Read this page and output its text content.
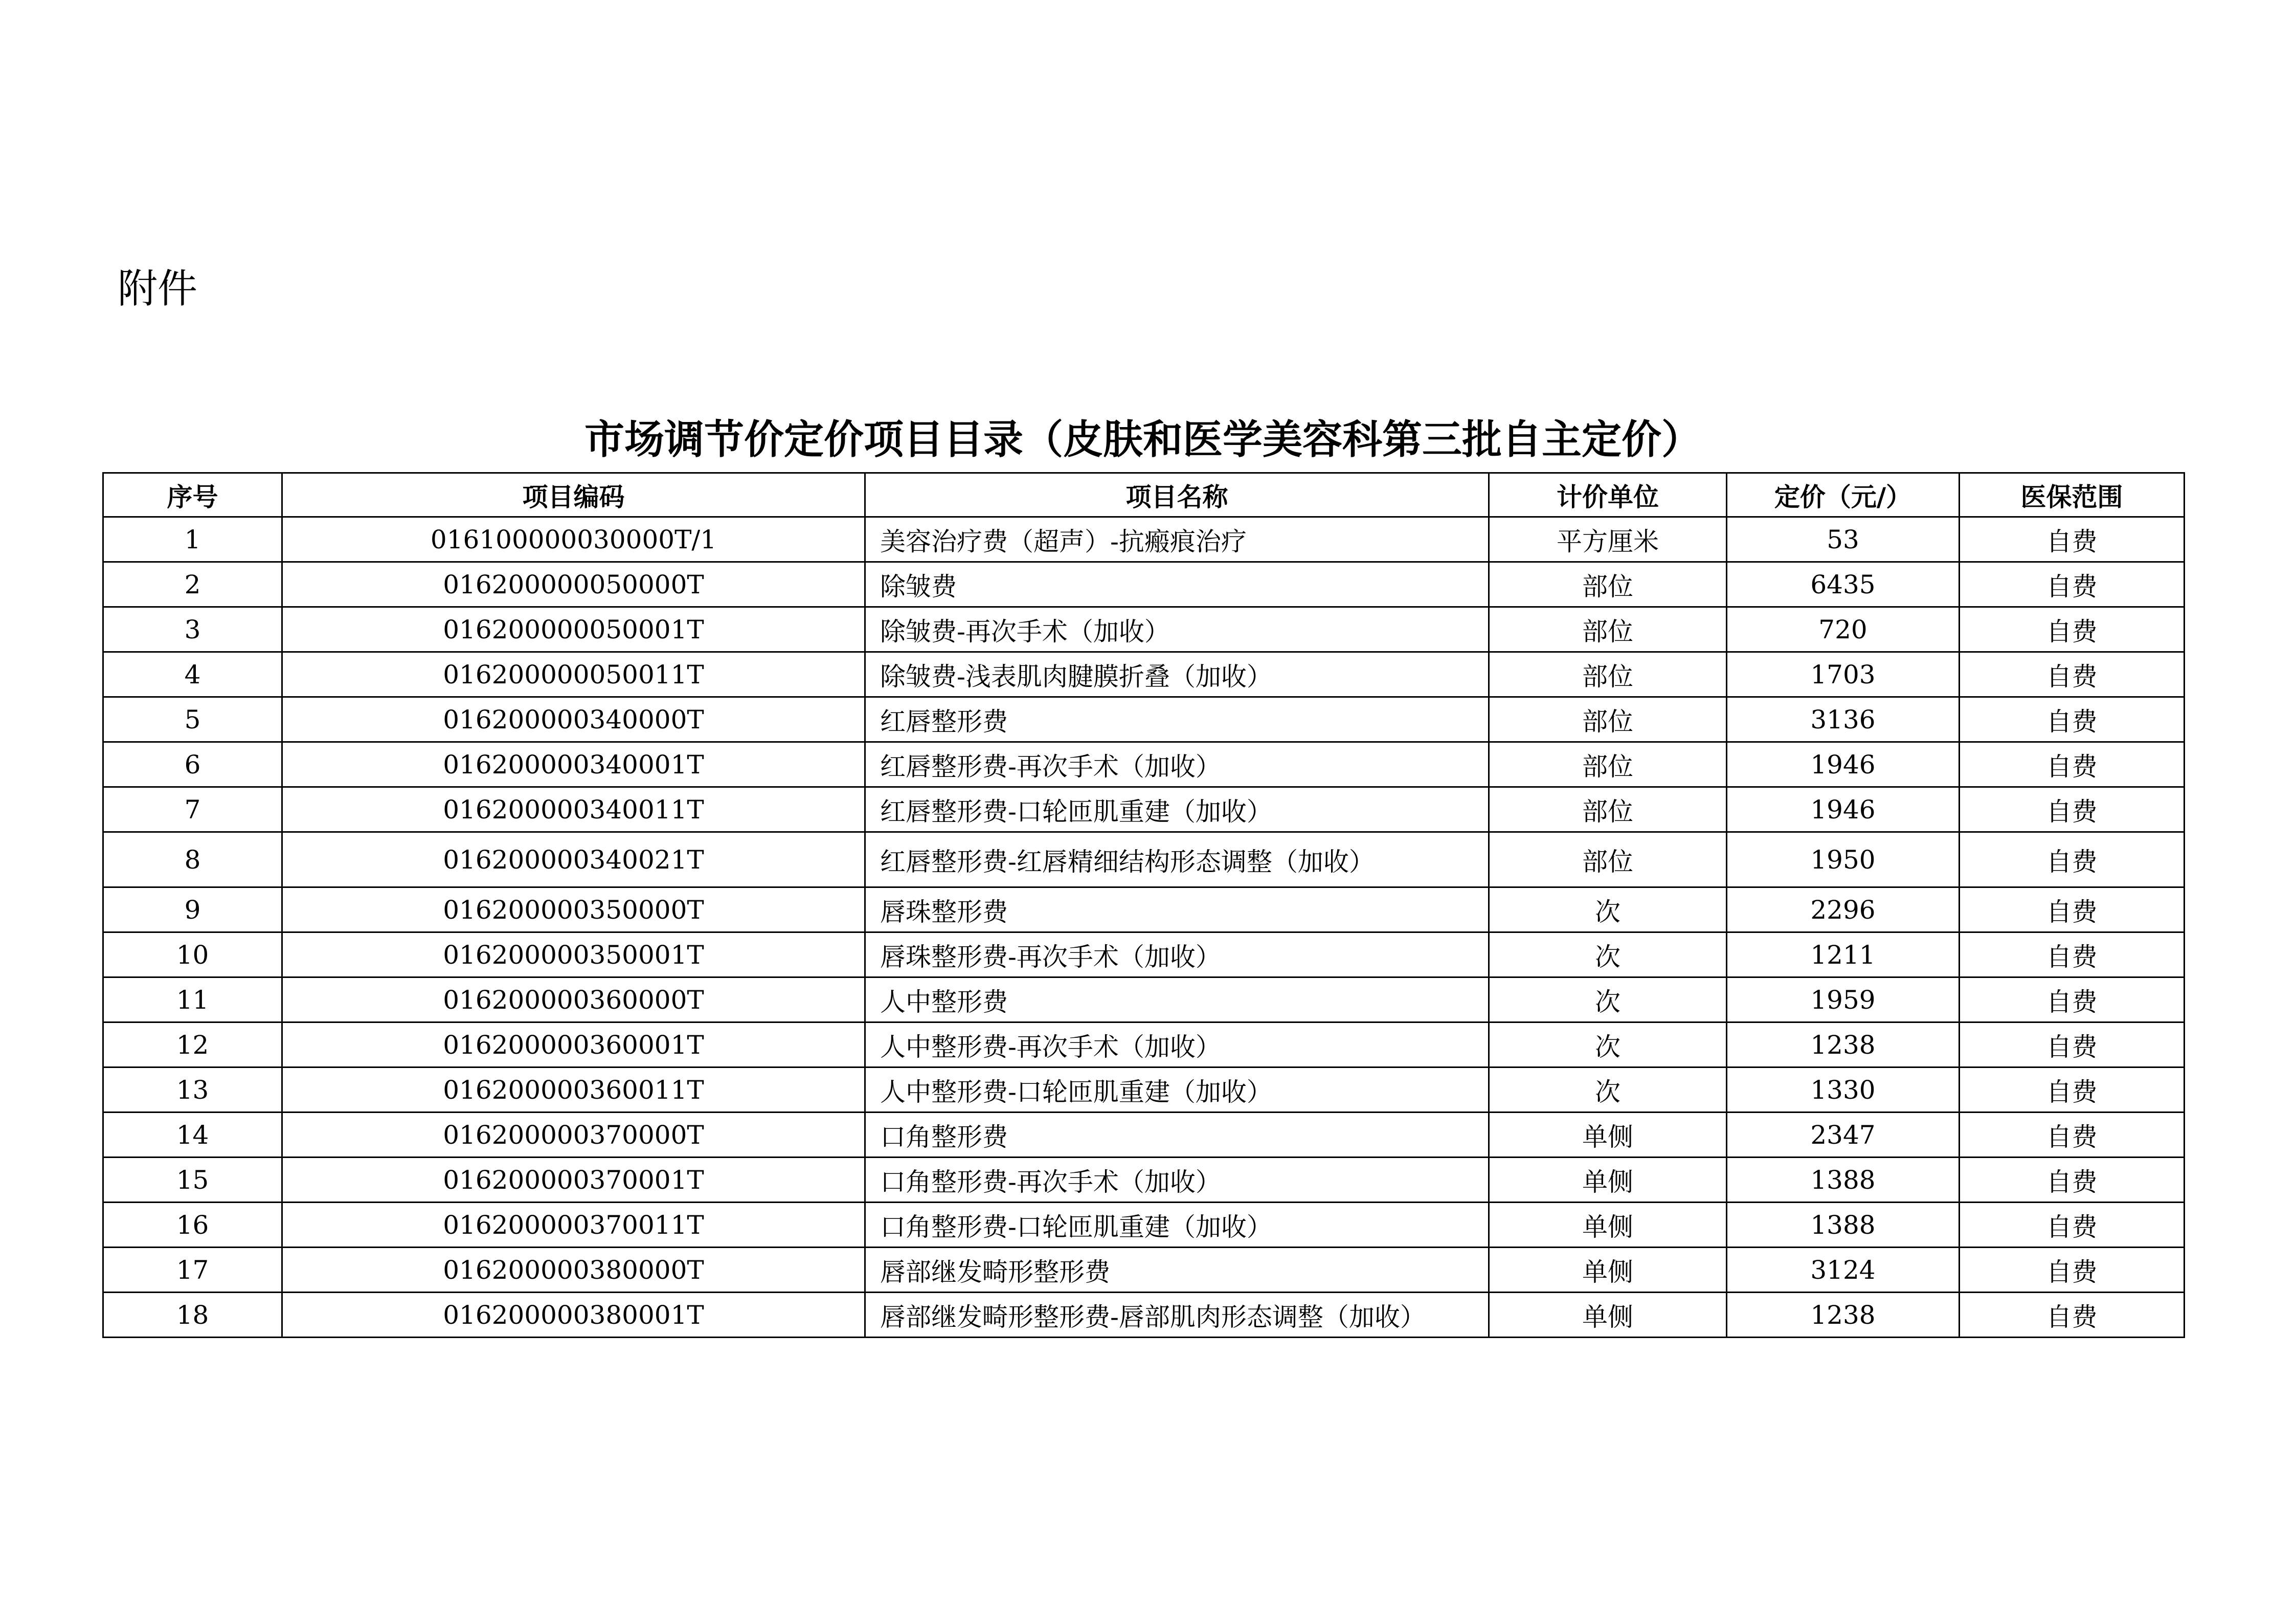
附件
市场调节价定价项目目录（皮肤和医学美容科第三批自主定价）
序号	项目编码	项目名称	计价单位	定价（元/）	医保范围
1	016100000030000T/1	美容治疗费（超声）-抗瘢痕治疗	平方厘米	53	自费
2	016200000050000T	除皱费	部位	6435	自费
3	016200000050001T	除皱费-再次手术（加收）	部位	720	自费
4	016200000050011T	除皱费-浅表肌肉腱膜折叠（加收）	部位	1703	自费
5	016200000340000T	红唇整形费	部位	3136	自费
6	016200000340001T	红唇整形费-再次手术（加收）	部位	1946	自费
7	016200000340011T	红唇整形费-口轮匝肌重建（加收）	部位	1946	自费
8	016200000340021T	红唇整形费-红唇精细结构形态调整（加收）	部位	1950	自费
9	016200000350000T	唇珠整形费	次	2296	自费
10	016200000350001T	唇珠整形费-再次手术（加收）	次	1211	自费
11	016200000360000T	人中整形费	次	1959	自费
12	016200000360001T	人中整形费-再次手术（加收）	次	1238	自费
13	016200000360011T	人中整形费-口轮匝肌重建（加收）	次	1330	自费
14	016200000370000T	口角整形费	单侧	2347	自费
15	016200000370001T	口角整形费-再次手术（加收）	单侧	1388	自费
16	016200000370011T	口角整形费-口轮匝肌重建（加收）	单侧	1388	自费
17	016200000380000T	唇部继发畸形整形费	单侧	3124	自费
18	016200000380001T	唇部继发畸形整形费-唇部肌肉形态调整（加收）	单侧	1238	自费
